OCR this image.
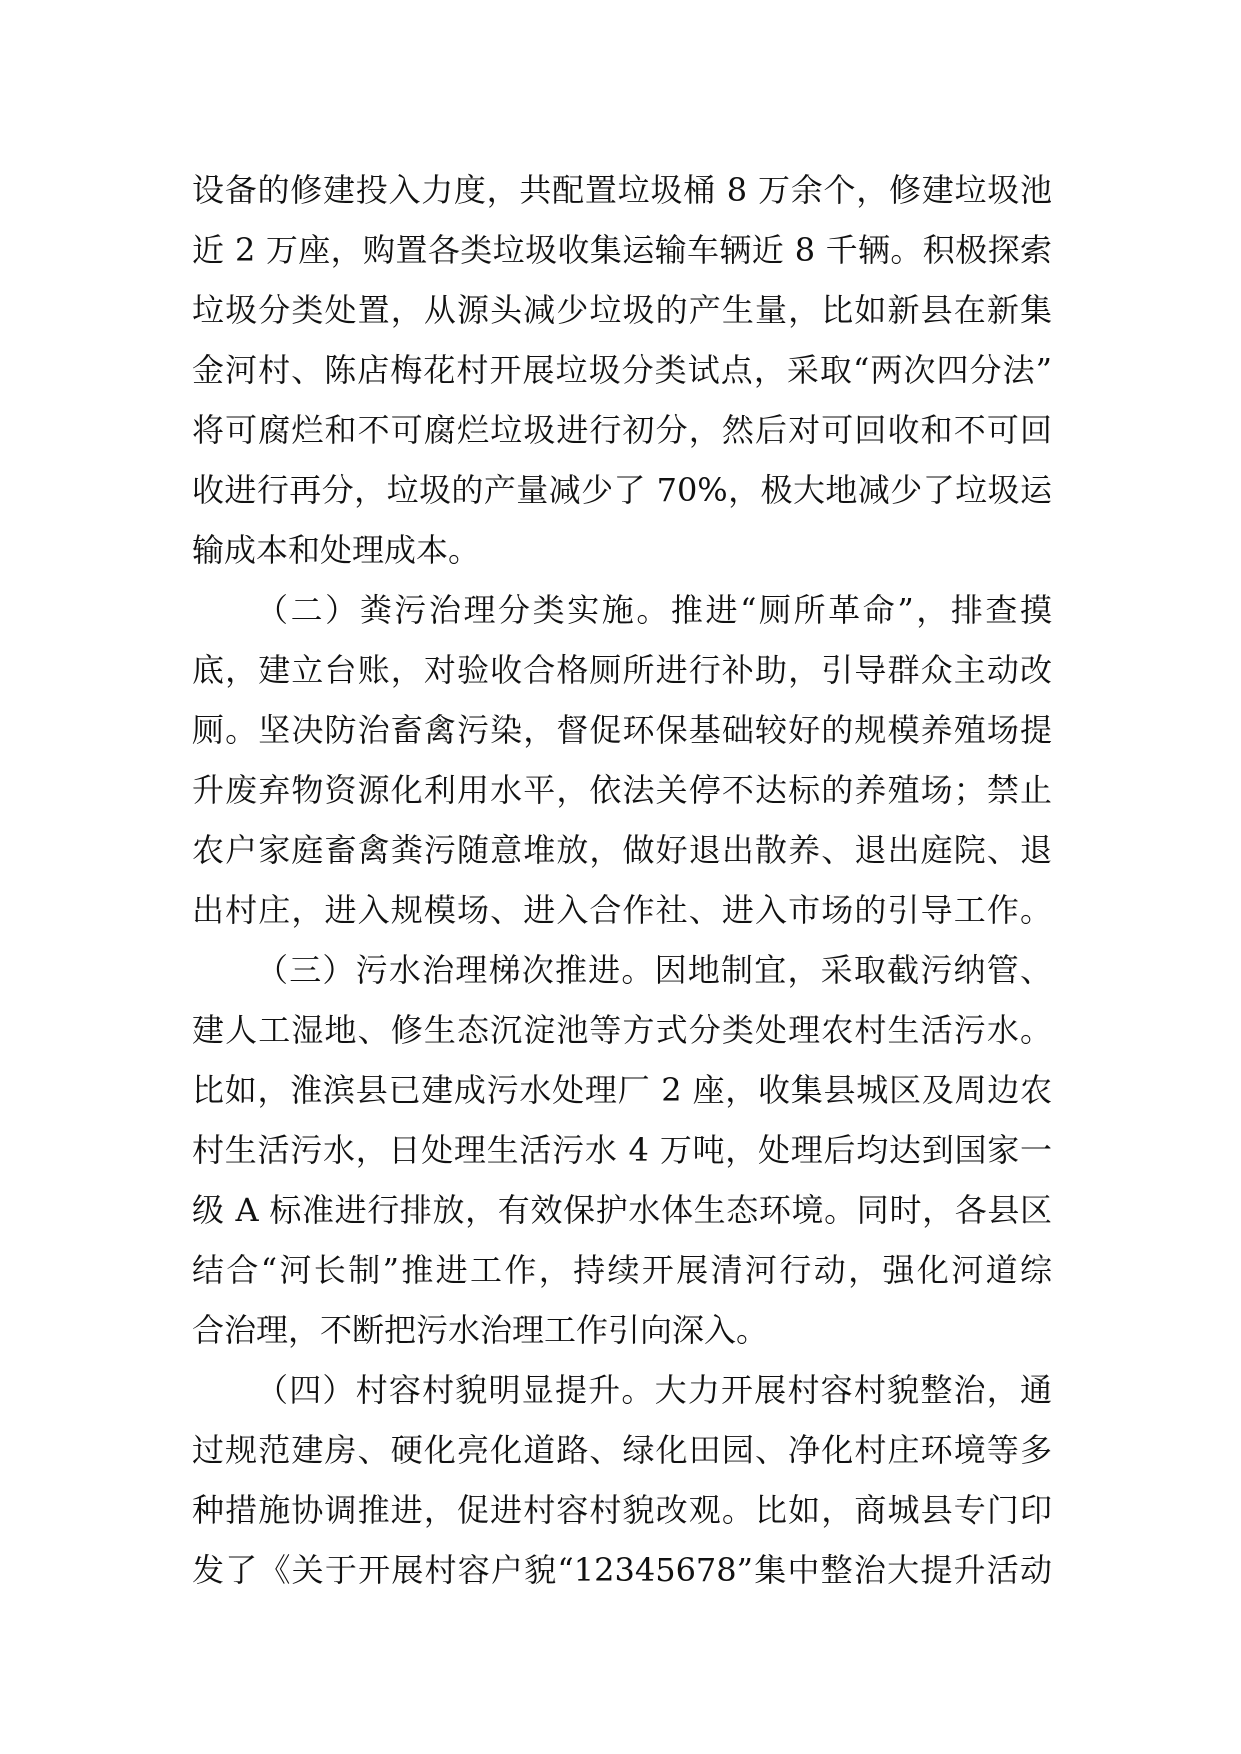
设备的修建投入力度，共配置垃圾桶 8 万余个，修建垃圾池
近 2 万座，购置各类垃圾收集运输车辆近 8 千辆。积极探索
垃圾分类处置，从源头减少垃圾的产生量，比如新县在新集
金河村、陈店梅花村开展垃圾分类试点，采取“两次四分法”
将可腐烂和不可腐烂垃圾进行初分，然后对可回收和不可回
收进行再分，垃圾的产量减少了 70%，极大地减少了垃圾运
输成本和处理成本。
（二）粪污治理分类实施。推进“厕所革命”，排查摸
底，建立台账，对验收合格厕所进行补助，引导群众主动改
厕。坚决防治畜禽污染，督促环保基础较好的规模养殖场提
升废弃物资源化利用水平，依法关停不达标的养殖场；禁止
农户家庭畜禽粪污随意堆放，做好退出散养、退出庭院、退
出村庄，进入规模场、进入合作社、进入市场的引导工作。
（三）污水治理梯次推进。因地制宜，采取截污纳管、
建人工湿地、修生态沉淀池等方式分类处理农村生活污水。
比如，淮滨县已建成污水处理厂 2 座，收集县城区及周边农
村生活污水，日处理生活污水 4 万吨，处理后均达到国家一
级 A 标准进行排放，有效保护水体生态环境。同时，各县区
结合“河长制”推进工作，持续开展清河行动，强化河道综
合治理，不断把污水治理工作引向深入。
（四）村容村貌明显提升。大力开展村容村貌整治，通
过规范建房、硬化亮化道路、绿化田园、净化村庄环境等多
种措施协调推进，促进村容村貌改观。比如，商城县专门印
发了《关于开展村容户貌“12345678”集中整治大提升活动
